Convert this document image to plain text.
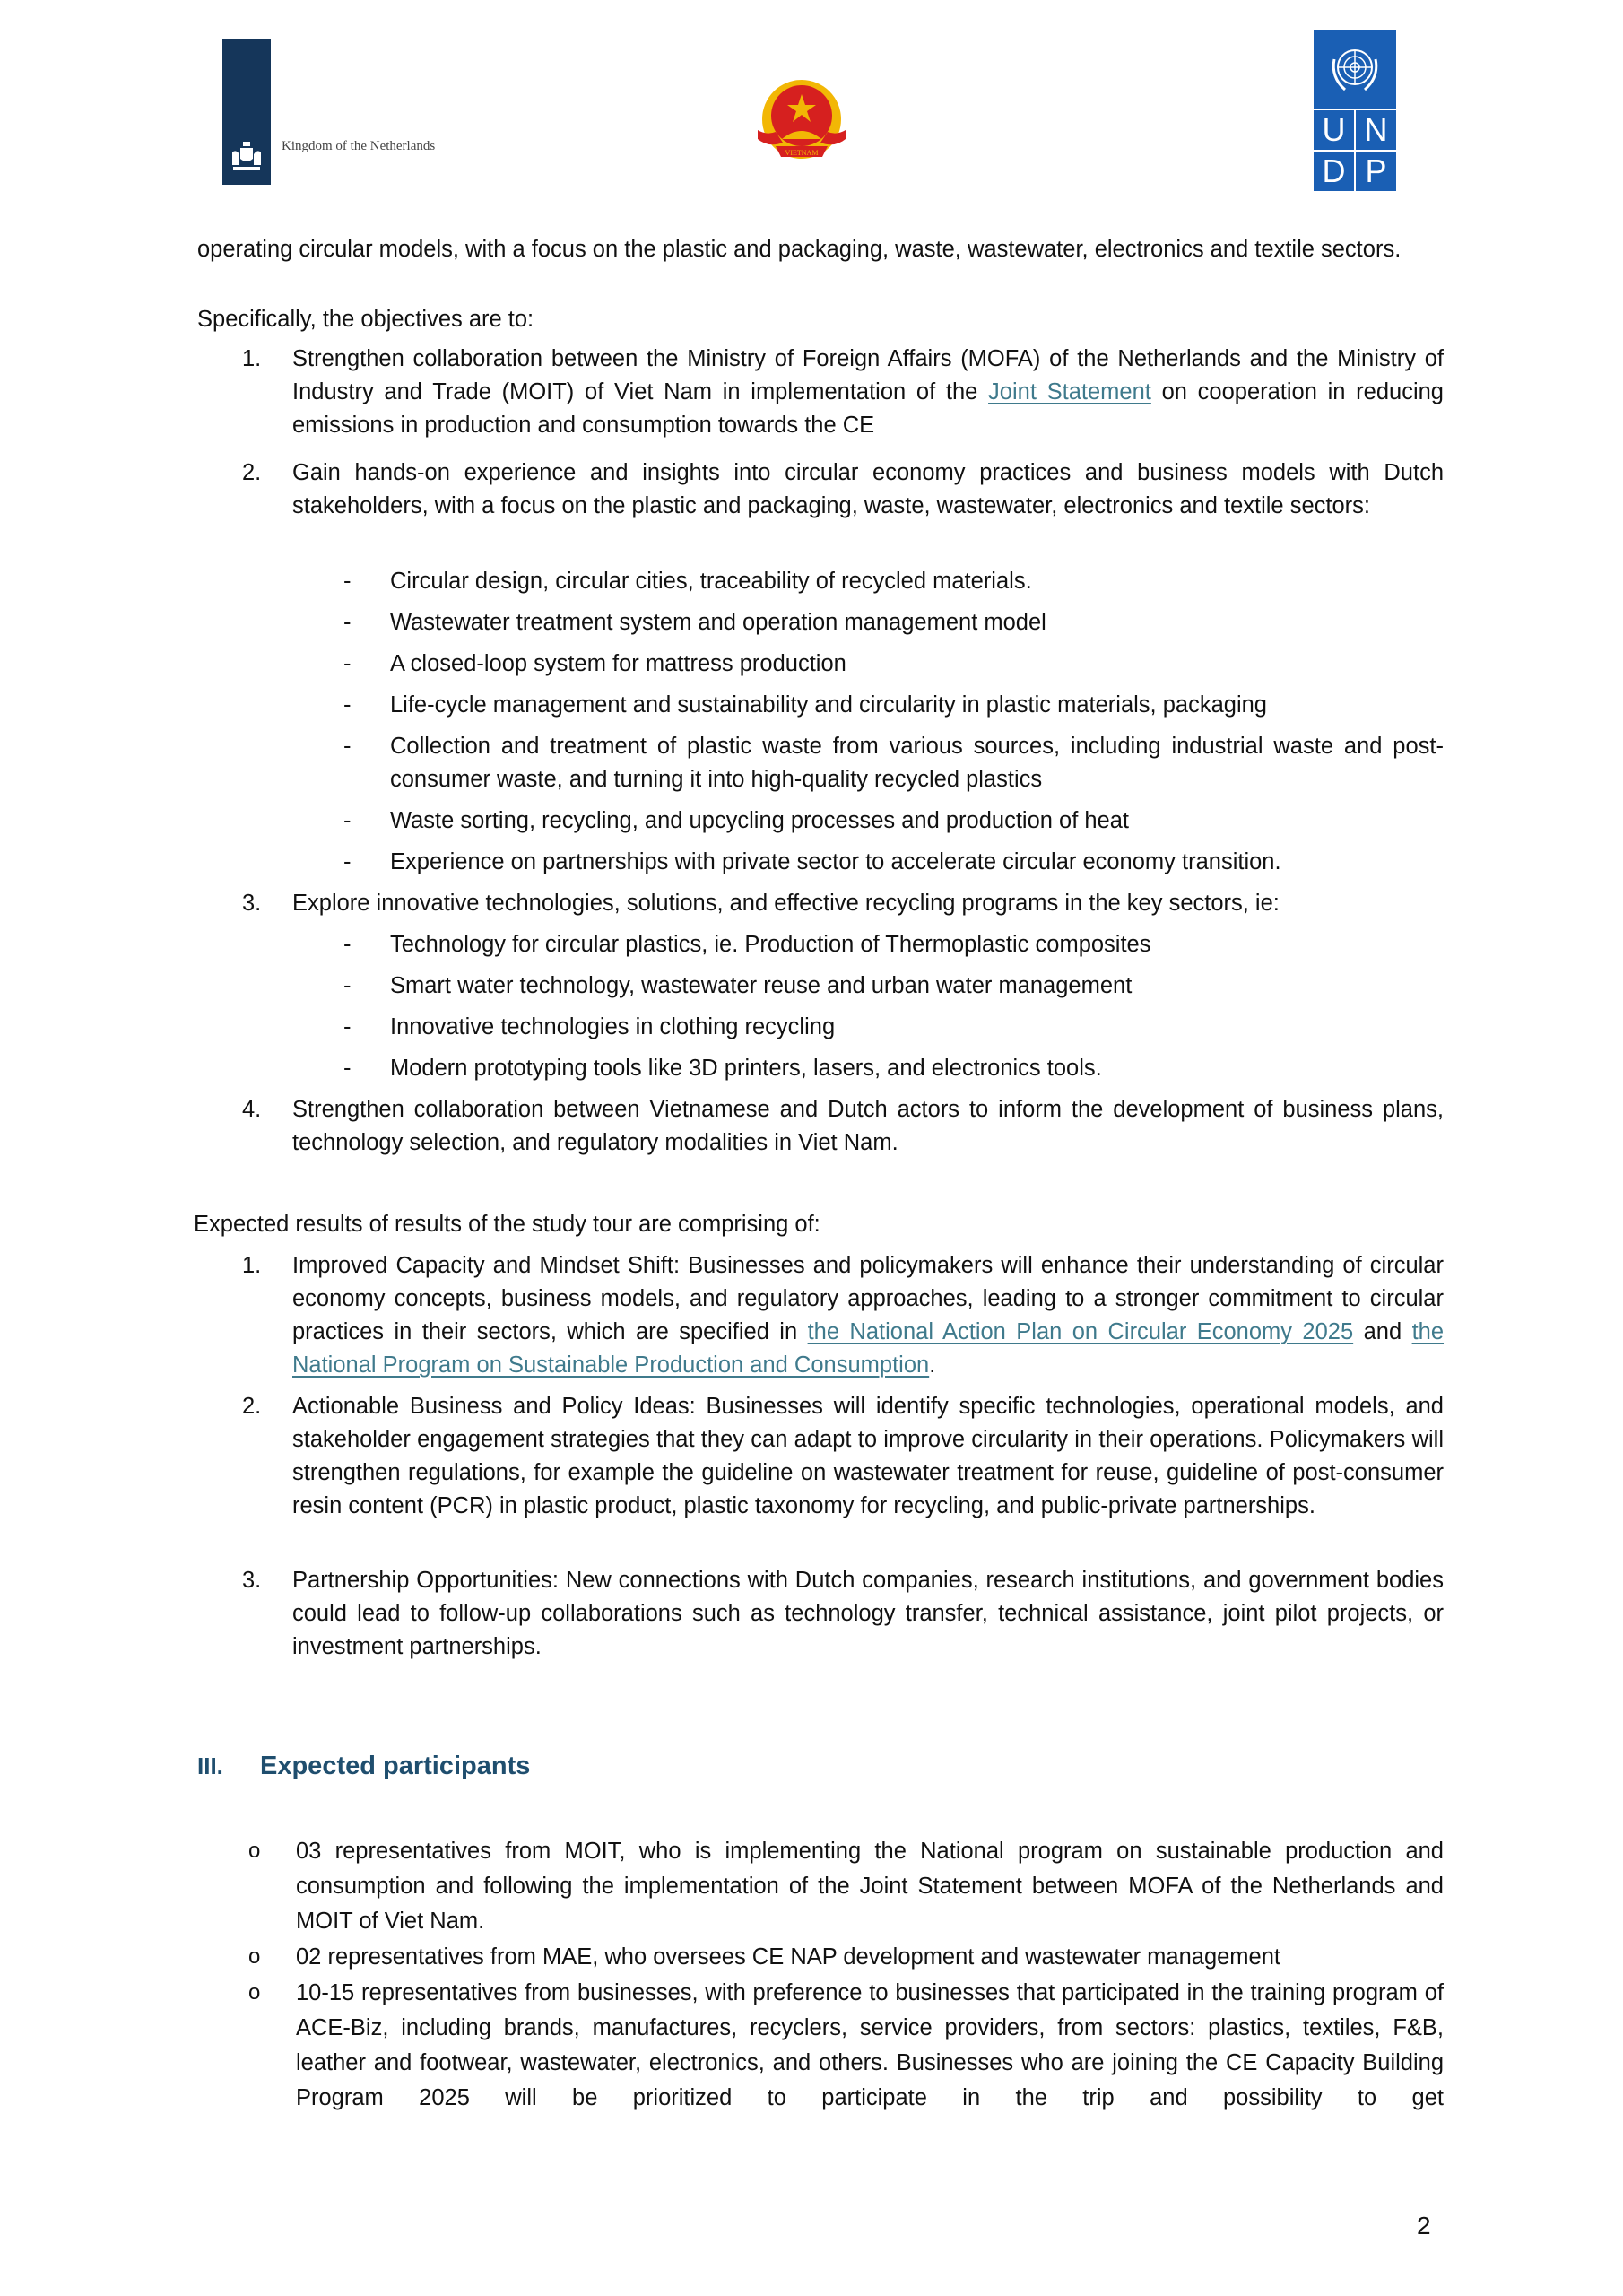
Kingdom of the Netherlands	VIETNAM
U N
D P
operating circular models, with a focus on the plastic and packaging, waste, wastewater, electronics and textile sectors.
Specifically, the objectives are to:
1. Strengthen collaboration between the Ministry of Foreign Affairs (MOFA) of the Netherlands and the Ministry of Industry and Trade (MOIT) of Viet Nam in implementation of the Joint Statement on cooperation in reducing emissions in production and consumption towards the CE
2. Gain hands-on experience and insights into circular economy practices and business models with Dutch stakeholders, with a focus on the plastic and packaging, waste, wastewater, electronics and textile sectors:
- Circular design, circular cities, traceability of recycled materials.
- Wastewater treatment system and operation management model
- A closed-loop system for mattress production
- Life-cycle management and sustainability and circularity in plastic materials, packaging
- Collection and treatment of plastic waste from various sources, including industrial waste and post-consumer waste, and turning it into high-quality recycled plastics
- Waste sorting, recycling, and upcycling processes and production of heat
- Experience on partnerships with private sector to accelerate circular economy transition.
3. Explore innovative technologies, solutions, and effective recycling programs in the key sectors, ie:
- Technology for circular plastics, ie. Production of Thermoplastic composites
- Smart water technology, wastewater reuse and urban water management
- Innovative technologies in clothing recycling
- Modern prototyping tools like 3D printers, lasers, and electronics tools.
4. Strengthen collaboration between Vietnamese and Dutch actors to inform the development of business plans, technology selection, and regulatory modalities in Viet Nam.
Expected results of results of the study tour are comprising of:
1. Improved Capacity and Mindset Shift: Businesses and policymakers will enhance their understanding of circular economy concepts, business models, and regulatory approaches, leading to a stronger commitment to circular practices in their sectors, which are specified in the National Action Plan on Circular Economy 2025 and the National Program on Sustainable Production and Consumption.
2. Actionable Business and Policy Ideas: Businesses will identify specific technologies, operational models, and stakeholder engagement strategies that they can adapt to improve circularity in their operations. Policymakers will strengthen regulations, for example the guideline on wastewater treatment for reuse, guideline of post-consumer resin content (PCR) in plastic product, plastic taxonomy for recycling, and public-private partnerships.
3. Partnership Opportunities: New connections with Dutch companies, research institutions, and government bodies could lead to follow-up collaborations such as technology transfer, technical assistance, joint pilot projects, or investment partnerships.
III. Expected participants
o 03 representatives from MOIT, who is implementing the National program on sustainable production and consumption and following the implementation of the Joint Statement between MOFA of the Netherlands and MOIT of Viet Nam.
o 02 representatives from MAE, who oversees CE NAP development and wastewater management
o 10-15 representatives from businesses, with preference to businesses that participated in the training program of ACE-Biz, including brands, manufactures, recyclers, service providers, from sectors: plastics, textiles, F&B, leather and footwear, wastewater, electronics, and others. Businesses who are joining the CE Capacity Building Program 2025 will be prioritized to participate in the trip and possibility to get
2
